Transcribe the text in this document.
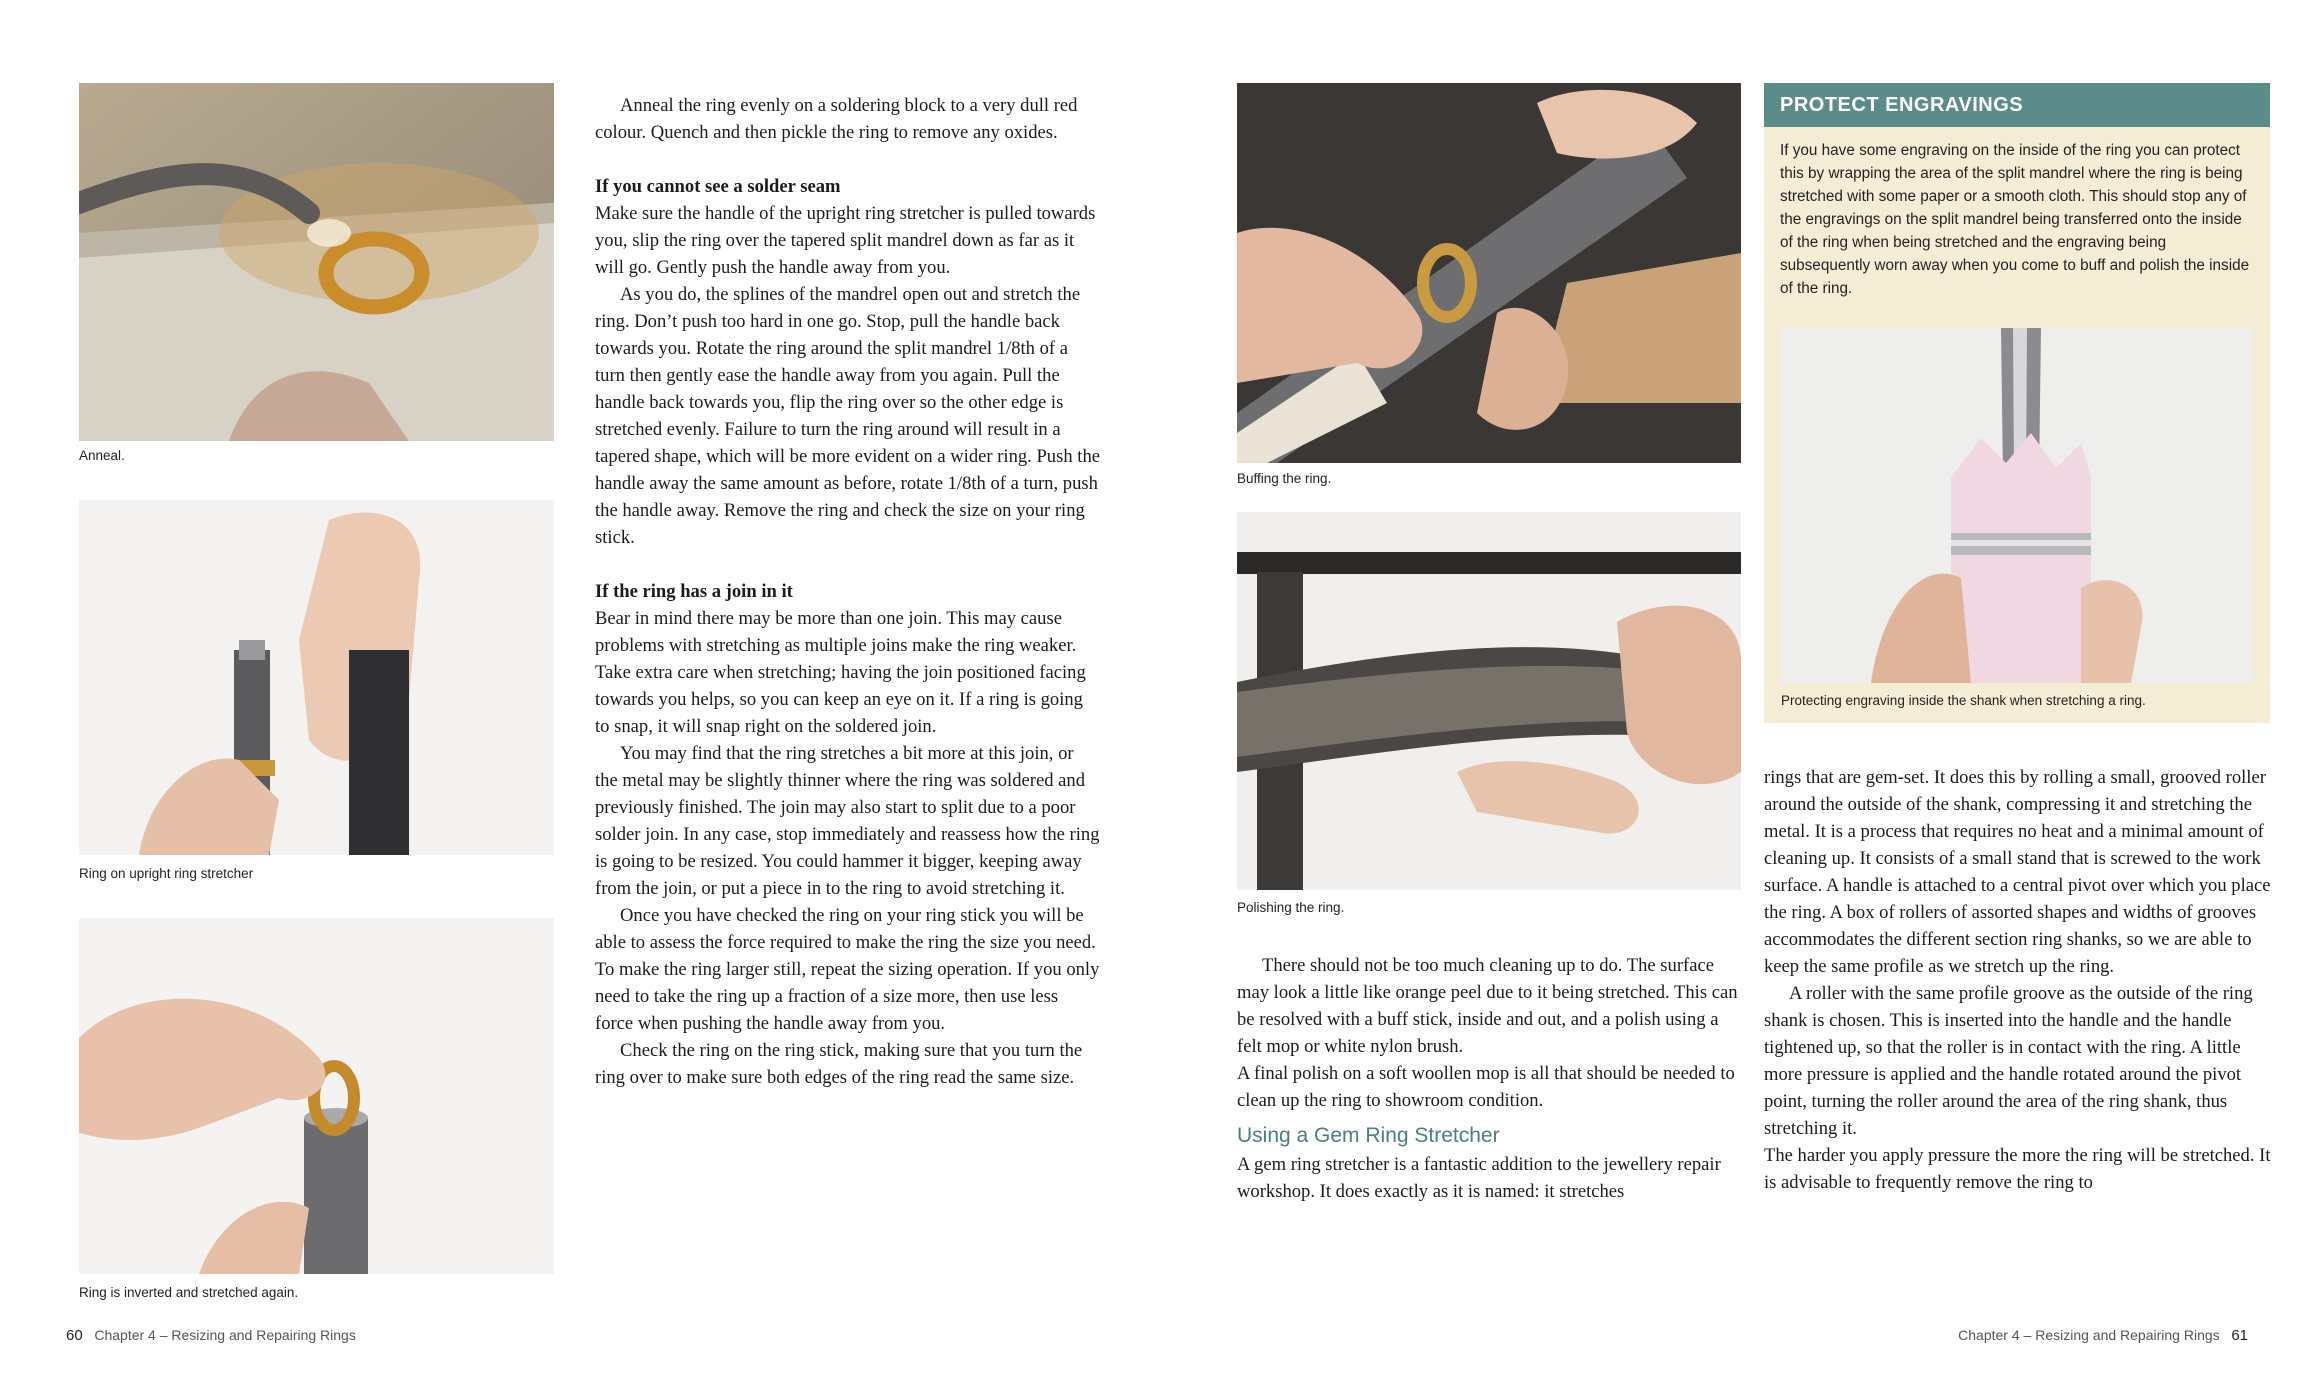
Anneal.
Ring on upright ring stretcher
Ring is inverted and stretched again.

Anneal the ring evenly on a soldering block to a very dull red colour. Quench and then pickle the ring to remove any oxides.

If you cannot see a solder seam

Make sure the handle of the upright ring stretcher is pulled towards you, slip the ring over the tapered split mandrel down as far as it will go. Gently push the handle away from you.

As you do, the splines of the mandrel open out and stretch the ring. Don’t push too hard in one go. Stop, pull the handle back towards you. Rotate the ring around the split mandrel 1/8th of a turn then gently ease the handle away from you again. Pull the handle back towards you, flip the ring over so the other edge is stretched evenly. Failure to turn the ring around will result in a tapered shape, which will be more evident on a wider ring. Push the handle away the same amount as before, rotate 1/8th of a turn, push the handle away. Remove the ring and check the size on your ring stick.

If the ring has a join in it

Bear in mind there may be more than one join. This may cause problems with stretching as multiple joins make the ring weaker. Take extra care when stretching; having the join positioned facing towards you helps, so you can keep an eye on it. If a ring is going to snap, it will snap right on the soldered join.

You may find that the ring stretches a bit more at this join, or the metal may be slightly thinner where the ring was soldered and previously finished. The join may also start to split due to a poor solder join. In any case, stop immediately and reassess how the ring is going to be resized. You could hammer it bigger, keeping away from the join, or put a piece in to the ring to avoid stretching it.

Once you have checked the ring on your ring stick you will be able to assess the force required to make the ring the size you need. To make the ring larger still, repeat the sizing operation. If you only need to take the ring up a fraction of a size more, then use less force when pushing the handle away from you.

Check the ring on the ring stick, making sure that you turn the ring over to make sure both edges of the ring read the same size.

Buffing the ring.
Polishing the ring.

There should not be too much cleaning up to do. The surface may look a little like orange peel due to it being stretched. This can be resolved with a buff stick, inside and out, and a polish using a felt mop or white nylon brush.

A final polish on a soft woollen mop is all that should be needed to clean up the ring to showroom condition.

Using a Gem Ring Stretcher

A gem ring stretcher is a fantastic addition to the jewellery repair workshop. It does exactly as it is named: it stretches

PROTECT ENGRAVINGS
If you have some engraving on the inside of the ring you can protect this by wrapping the area of the split mandrel where the ring is being stretched with some paper or a smooth cloth. This should stop any of the engravings on the split mandrel being transferred onto the inside of the ring when being stretched and the engraving being subsequently worn away when you come to buff and polish the inside of the ring.
Protecting engraving inside the shank when stretching a ring.

rings that are gem-set. It does this by rolling a small, grooved roller around the outside of the shank, compressing it and stretching the metal. It is a process that requires no heat and a minimal amount of cleaning up. It consists of a small stand that is screwed to the work surface. A handle is attached to a central pivot over which you place the ring. A box of rollers of assorted shapes and widths of grooves accommodates the different section ring shanks, so we are able to keep the same profile as we stretch up the ring.

A roller with the same profile groove as the outside of the ring shank is chosen. This is inserted into the handle and the handle tightened up, so that the roller is in contact with the ring. A little more pressure is applied and the handle rotated around the pivot point, turning the roller around the area of the ring shank, thus stretching it.

The harder you apply pressure the more the ring will be stretched. It is advisable to frequently remove the ring to

60 Chapter 4 – Resizing and Repairing Rings	Chapter 4 – Resizing and Repairing Rings 61
